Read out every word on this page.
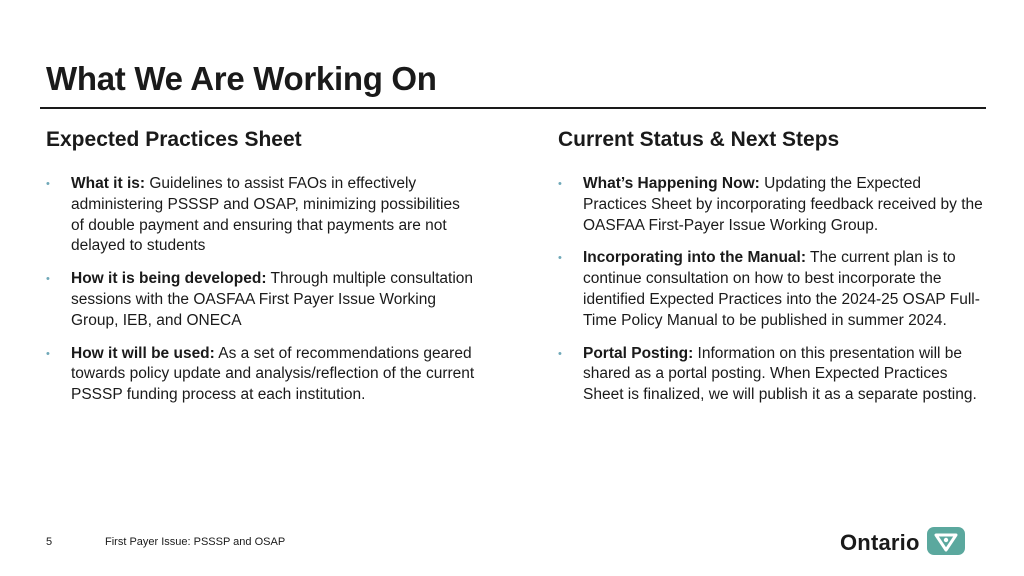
What We Are Working On
Expected Practices Sheet
• What it is: Guidelines to assist FAOs in effectively administering PSSSP and OSAP, minimizing possibilities of double payment and ensuring that payments are not delayed to students
• How it is being developed: Through multiple consultation sessions with the OASFAA First Payer Issue Working Group, IEB, and ONECA
• How it will be used: As a set of recommendations geared towards policy update and analysis/reflection of the current PSSSP funding process at each institution.
Current Status & Next Steps
• What’s Happening Now: Updating the Expected Practices Sheet by incorporating feedback received by the OASFAA First-Payer Issue Working Group.
• Incorporating into the Manual: The current plan is to continue consultation on how to best incorporate the identified Expected Practices into the 2024-25 OSAP Full-Time Policy Manual to be published in summer 2024.
• Portal Posting: Information on this presentation will be shared as a portal posting. When Expected Practices Sheet is finalized, we will publish it as a separate posting.
5	First Payer Issue: PSSSP and OSAP	Ontario
